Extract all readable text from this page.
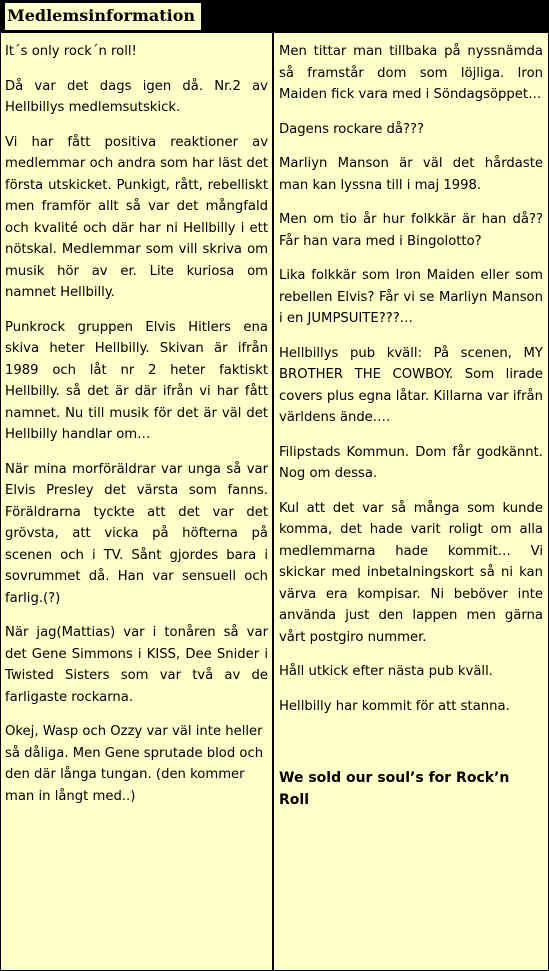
Medlemsinformation

It´s only rock´n roll!

Då var det dags igen då. Nr.2 av Hellbillys medlemsutskick.

Vi har fått positiva reaktioner av medlemmar och andra som har läst det första utskicket. Punkigt, rått, rebelliskt men framför allt så var det mångfald och kvalité och där har ni Hellbilly i ett nötskal. Medlemmar som vill skriva om musik hör av er. Lite kuriosa om namnet Hellbilly.

Punkrock gruppen Elvis Hitlers ena skiva heter Hellbilly. Skivan är ifrån 1989 och låt nr 2 heter faktiskt Hellbilly. så det är där ifrån vi har fått namnet. Nu till musik för det är väl det Hellbilly handlar om…

När mina morföräldrar var unga så var Elvis Presley det värsta som fanns. Föräldrarna tyckte att det var det grövsta, att vicka på höfterna på scenen och i TV. Sånt gjordes bara i sovrummet då. Han var sensuell och farlig.(?)

När jag(Mattias) var i tonåren så var det Gene Simmons i KISS, Dee Snider i Twisted Sisters som var två av de farligaste rockarna.

Okej, Wasp och Ozzy var väl inte heller så dåliga. Men Gene sprutade blod och den där långa tungan. (den kommer man in långt med..)

Men tittar man tillbaka på nyssnämda så framstår dom som löjliga. Iron Maiden fick vara med i Söndagsöppet…

Dagens rockare då???

Marliyn Manson är väl det hårdaste man kan lyssna till i maj 1998.

Men om tio år hur folkkär är han då?? Får han vara med i Bingolotto?

Lika folkkär som Iron Maiden eller som rebellen Elvis? Får vi se Marliyn Manson i en JUMPSUITE???…

Hellbillys pub kväll: På scenen, MY BROTHER THE COWBOY. Som lirade covers plus egna låtar. Killarna var ifrån världens ände….

Filipstads Kommun. Dom får godkännt. Nog om dessa.

Kul att det var så många som kunde komma, det hade varit roligt om alla medlemmarna hade kommit… Vi skickar med inbetalningskort så ni kan värva era kompisar. Ni beböver inte använda just den lappen men gärna vårt postgiro nummer.

Håll utkick efter nästa pub kväll.

Hellbilly har kommit för att stanna.

We sold our soul’s for Rock’n Roll
